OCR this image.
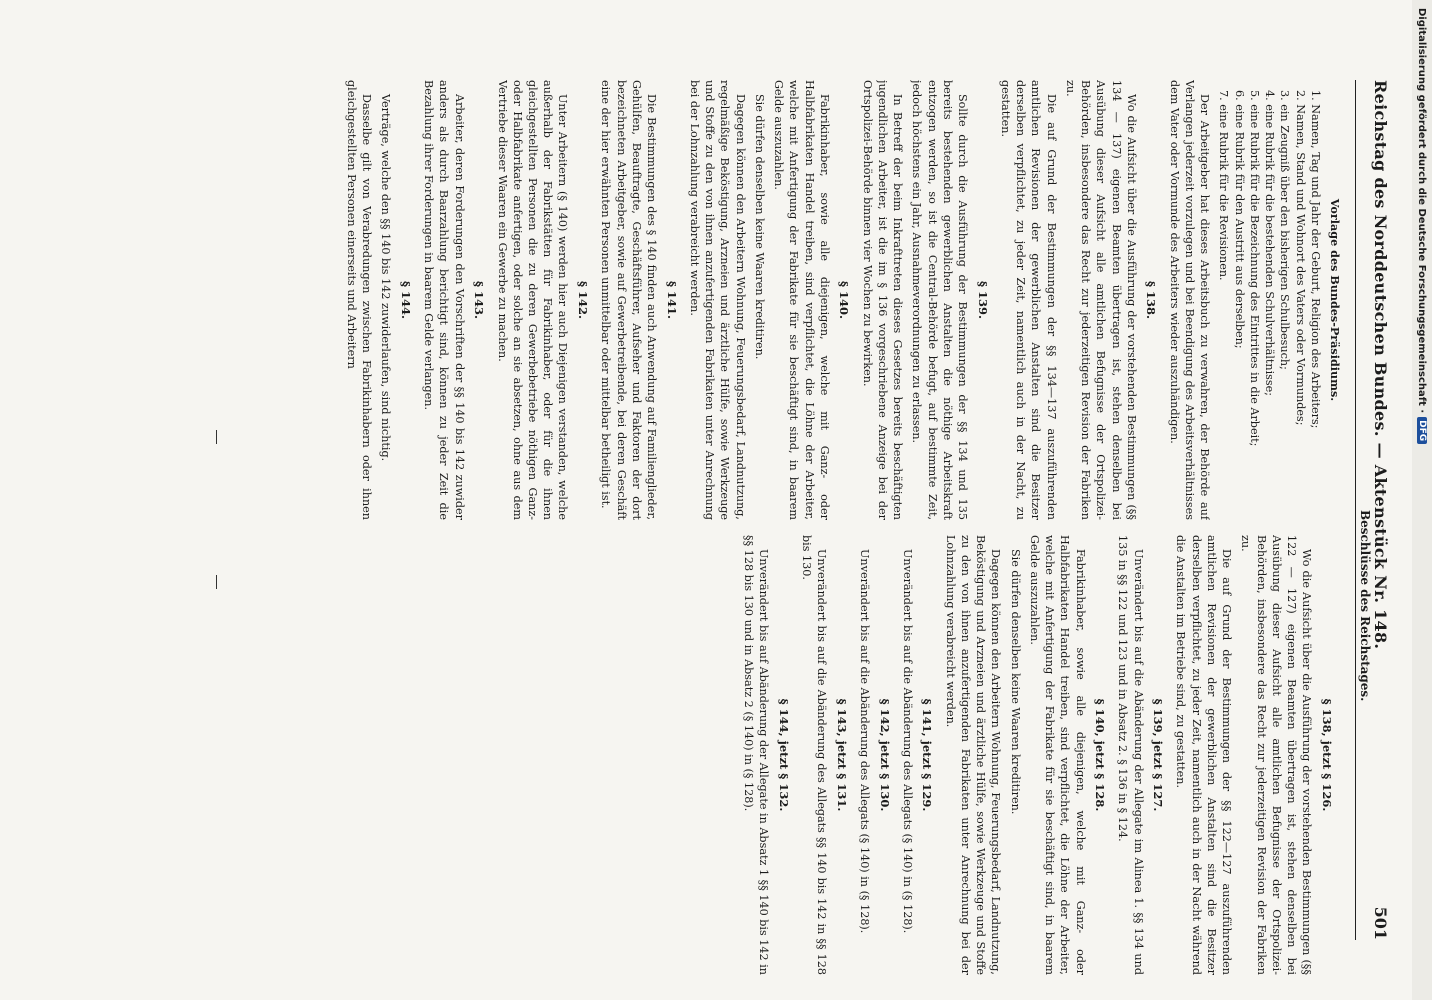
Digitalisierung gefördert durch die Deutsche Forschungsgemeinschaft ·
DFG
Reichstag des Norddeutschen Bundes. — Aktenstück Nr. 148.
Beschlüsse des Reichstages.
501
Vorlage des Bundes-Präsidiums.
1. Namen, Tag und Jahr der Geburt, Religion des Arbeiters;
2. Namen, Stand und Wohnort des Vaters oder Vormundes;
3. ein Zeugniß über den bisherigen Schulbesuch;
4. eine Rubrik für die bestehenden Schulverhältnisse;
5. eine Rubrik für die Bezeichnung des Eintrittes in die Arbeit;
6. eine Rubrik für den Austritt aus derselben;
7. eine Rubrik für die Revisionen.

Der Arbeitgeber hat dieses Arbeitsbuch zu verwahren, der Behörde auf Verlangen jederzeit vorzulegen und bei Beendigung des Arbeitsverhältnisses dem Vater oder Vormunde des Arbeiters wieder auszuhändigen.

§ 138.

Wo die Aufsicht über die Ausführung der vorstehenden Bestimmungen (§§ 134 — 137) eigenen Beamten übertragen ist, stehen denselben bei Ausübung dieser Aufsicht alle amtlichen Befugnisse der Ortspolizei-Behörden, insbesondere das Recht zur jederzeitigen Revision der Fabriken zu.

Die auf Grund der Bestimmungen der §§ 134—137 auszuführenden amtlichen Revisionen der gewerblichen Anstalten sind die Besitzer derselben verpflichtet, zu jeder Zeit, namentlich auch in der Nacht, zu gestatten.

§ 139.

Sollte durch die Ausführung der Bestimmungen der §§ 134 und 135 bereits bestehenden gewerblichen Anstalten die nöthige Arbeitskraft entzogen werden, so ist die Central-Behörde befugt, auf bestimmte Zeit, jedoch höchstens ein Jahr, Ausnahmeverordnungen zu erlassen.

In Betreff der beim Inkrafttreten dieses Gesetzes bereits beschäftigten jugendlichen Arbeiter, ist die im § 136 vorgeschriebene Anzeige bei der Ortspolizei-Behörde binnen vier Wochen zu bewirken.

§ 140.

Fabrikinhaber, sowie alle diejenigen, welche mit Ganz- oder Halbfabrikaten Handel treiben, sind verpflichtet, die Löhne der Arbeiter, welche mit Anfertigung der Fabrikate für sie beschäftigt sind, in baarem Gelde auszuzahlen.

Sie dürfen denselben keine Waaren kreditiren.

Dagegen können den Arbeitern Wohnung, Feuerungsbedarf, Landnutzung, regelmäßige Beköstigung, Arzneien und ärztliche Hülfe, sowie Werkzeuge und Stoffe zu den von ihnen anzufertigenden Fabrikaten unter Anrechnung bei der Lohnzahlung verabreicht werden.

§ 141.

Die Bestimmungen des § 140 finden auch Anwendung auf Familienglieder, Gehülfen, Beauftragte, Geschäftsführer, Aufseher und Faktoren der dort bezeichneten Arbeitgeber, sowie auf Gewerbetreibende, bei deren Geschäft eine der hier erwähnten Personen unmittelbar oder mittelbar betheiligt ist.

§ 142.

Unter Arbeitern (§ 140) werden hier auch Diejenigen verstanden, welche außerhalb der Fabrikstätten für Fabrikinhaber, oder für die ihnen gleichgestellten Personen die zu deren Gewerbebetriebe nöthigen Ganz- oder Halbfabrikate anfertigen, oder solche an sie absetzen, ohne aus dem Vertriebe dieser Waaren ein Gewerbe zu machen.

§ 143.

Arbeiter, deren Forderungen den Vorschriften der §§ 140 bis 142 zuwider anders als durch Baarzahlung berichtigt sind, können zu jeder Zeit die Bezahlung ihrer Forderungen in baarem Gelde verlangen.

§ 144.

Verträge, welche den §§ 140 bis 142 zuwiderlaufen, sind nichtig.

Dasselbe gilt von Verabredungen zwischen Fabrikinhabern oder ihnen gleichgestellten Personen einerseits und Arbeitern

§ 138, jetzt § 126.

Wo die Aufsicht über die Ausführung der vorstehenden Bestimmungen (§§ 122 — 127) eigenen Beamten übertragen ist, stehen denselben bei Ausübung dieser Aufsicht alle amtlichen Befugnisse der Ortspolizei-Behörden, insbesondere das Recht zur jederzeitigen Revision der Fabriken zu.

Die auf Grund der Bestimmungen der §§ 122—127 auszuführenden amtlichen Revisionen der gewerblichen Anstalten sind die Besitzer derselben verpflichtet, zu jeder Zeit, namentlich auch in der Nacht während die Anstalten im Betriebe sind, zu gestatten.

§ 139, jetzt § 127.

Unverändert bis auf die Abänderung der Allegate im Alinea 1. §§ 134 und 135 in §§ 122 und 123 und in Absatz 2. § 136 in § 124.

§ 140, jetzt § 128.

Fabrikinhaber, sowie alle diejenigen, welche mit Ganz- oder Halbfabrikaten Handel treiben, sind verpflichtet, die Löhne der Arbeiter, welche mit Anfertigung der Fabrikate für sie beschäftigt sind, in baarem Gelde auszuzahlen.

Sie dürfen denselben keine Waaren kreditiren.

Dagegen können den Arbeitern Wohnung, Feuerungsbedarf, Landnutzung, Beköstigung und Arzneien und ärztliche Hülfe, sowie Werkzeuge und Stoffe zu den von ihnen anzufertigenden Fabrikaten unter Anrechnung bei der Lohnzahlung verabreicht werden.

§ 141, jetzt § 129.

Unverändert bis auf die Abänderung des Allegats (§ 140) in (§ 128).

§ 142, jetzt § 130.

Unverändert bis auf die Abänderung des Allegats (§ 140) in (§ 128).

§ 143, jetzt § 131.

Unverändert bis auf die Abänderung des Allegats §§ 140 bis 142 in §§ 128 bis 130.

§ 144, jetzt § 132.

Unverändert bis auf Abänderung der Allegate in Absatz 1 §§ 140 bis 142 in §§ 128 bis 130 und in Absatz 2 (§ 140) in (§ 128).
